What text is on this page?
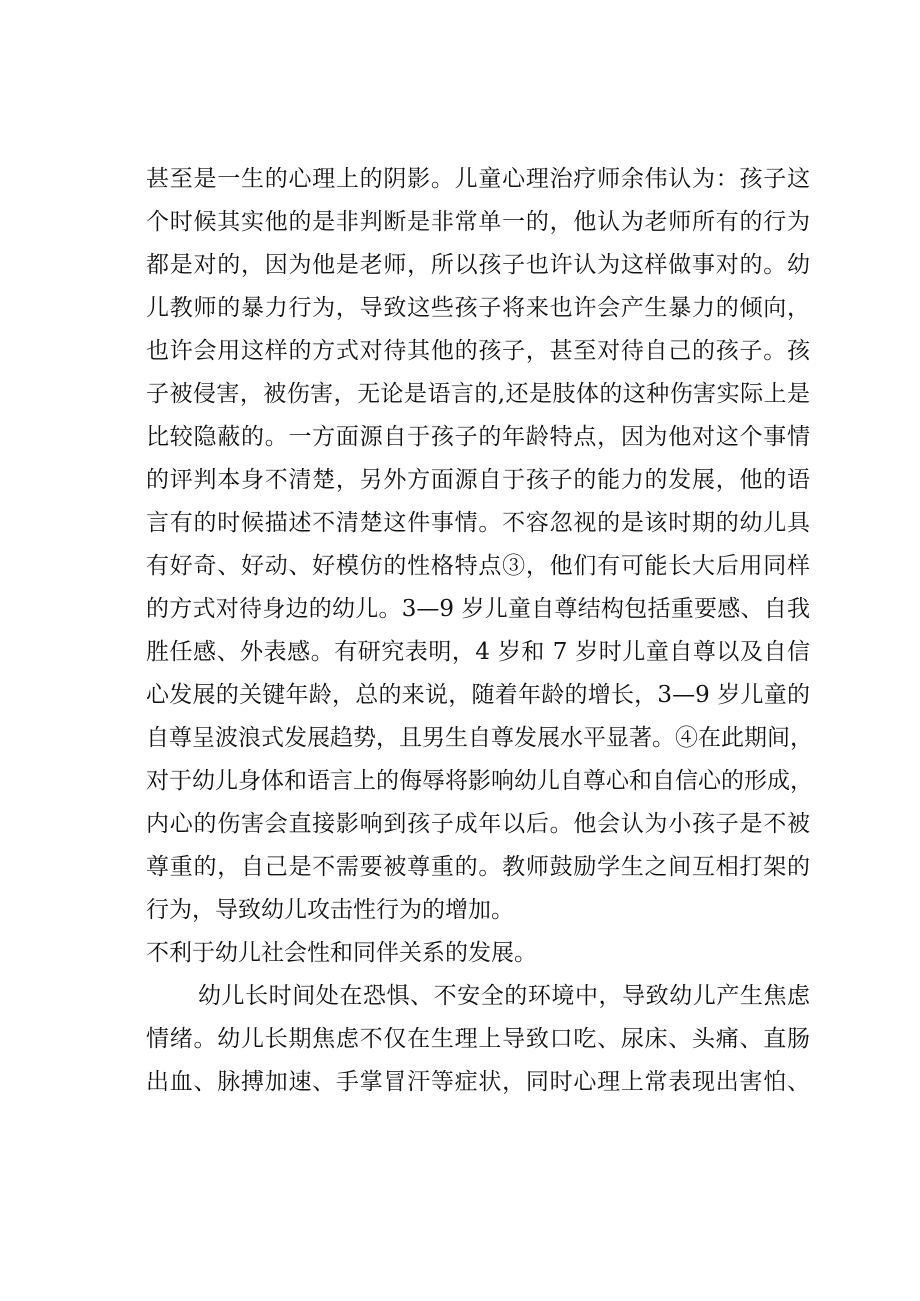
甚至是一生的心理上的阴影。儿童心理治疗师余伟认为：孩子这
个时候其实他的是非判断是非常单一的，他认为老师所有的行为
都是对的，因为他是老师，所以孩子也许认为这样做事对的。幼
儿教师的暴力行为，导致这些孩子将来也许会产生暴力的倾向，
也许会用这样的方式对待其他的孩子，甚至对待自己的孩子。孩
子被侵害，被伤害，无论是语言的,还是肢体的这种伤害实际上是
比较隐蔽的。一方面源自于孩子的年龄特点，因为他对这个事情
的评判本身不清楚，另外方面源自于孩子的能力的发展，他的语
言有的时候描述不清楚这件事情。不容忽视的是该时期的幼儿具
有好奇、好动、好模仿的性格特点③，他们有可能长大后用同样
的方式对待身边的幼儿。3—9 岁儿童自尊结构包括重要感、自我
胜任感、外表感。有研究表明，4 岁和 7 岁时儿童自尊以及自信
心发展的关键年龄，总的来说，随着年龄的增长，3—9 岁儿童的
自尊呈波浪式发展趋势，且男生自尊发展水平显著。④在此期间，
对于幼儿身体和语言上的侮辱将影响幼儿自尊心和自信心的形成，
内心的伤害会直接影响到孩子成年以后。他会认为小孩子是不被
尊重的，自己是不需要被尊重的。教师鼓励学生之间互相打架的
行为，导致幼儿攻击性行为的增加。
不利于幼儿社会性和同伴关系的发展。
幼儿长时间处在恐惧、不安全的环境中，导致幼儿产生焦虑
情绪。幼儿长期焦虑不仅在生理上导致口吃、尿床、头痛、直肠
出血、脉搏加速、手掌冒汗等症状，同时心理上常表现出害怕、
